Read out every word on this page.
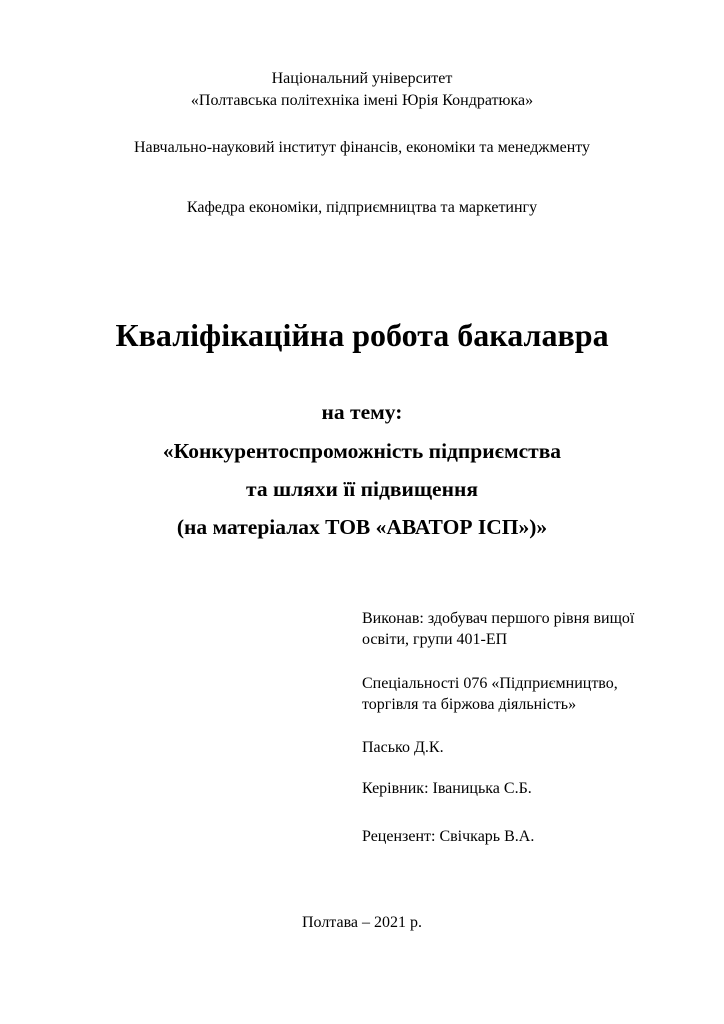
Національний університет
«Полтавська політехніка імені Юрія Кондратюка»
Навчально-науковий інститут фінансів, економіки та менеджменту
Кафедра економіки, підприємництва та маркетингу
Кваліфікаційна робота бакалавра
на тему:
«Конкурентоспроможність підприємства
та шляхи її підвищення
(на матеріалах ТОВ «АВАТОР ІСП»)»
Виконав: здобувач першого рівня вищої
освіти, групи 401-ЕП
Спеціальності 076 «Підприємництво,
торгівля та біржова діяльність»
Пасько Д.К.
Керівник: Іваницька С.Б.
Рецензент: Свічкарь В.А.
Полтава – 2021 р.
